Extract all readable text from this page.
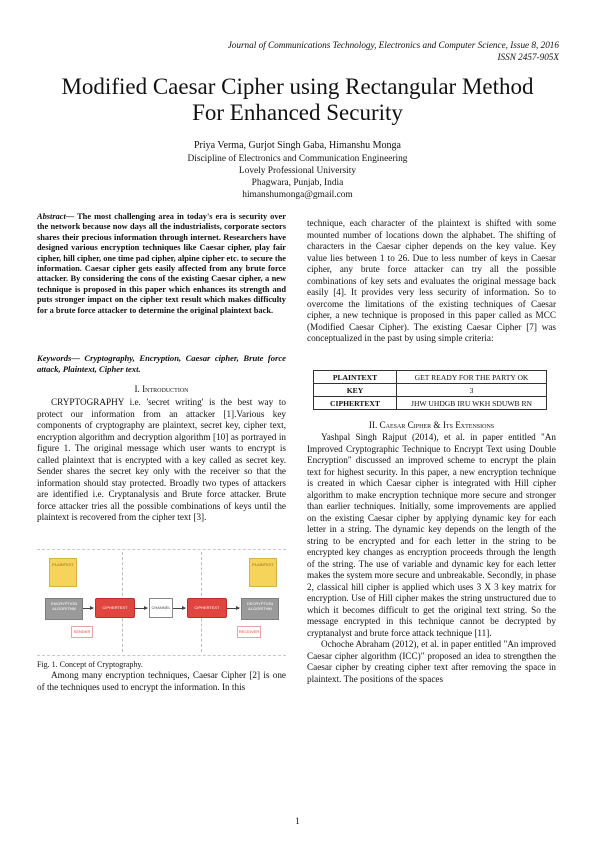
Journal of Communications Technology, Electronics and Computer Science, Issue 8, 2016
ISSN 2457-905X
Modified Caesar Cipher using Rectangular Method
For Enhanced Security
Priya Verma, Gurjot Singh Gaba, Himanshu Monga
Discipline of Electronics and Communication Engineering
Lovely Professional University
Phagwara, Punjab, India
himanshumonga@gmail.com
Abstract— The most challenging area in today's era is security over the network because now days all the industrialists, corporate sectors shares their precious information through internet. Researchers have designed various encryption techniques like Caesar cipher, play fair cipher, hill cipher, one time pad cipher, alpine cipher etc. to secure the information. Caesar cipher gets easily affected from any brute force attacker. By considering the cons of the existing Caesar cipher, a new technique is proposed in this paper which enhances its strength and puts stronger impact on the cipher text result which makes difficulty for a brute force attacker to determine the original plaintext back.
Keywords— Cryptography, Encryption, Caesar cipher, Brute force attack, Plaintext, Cipher text.
I. Introduction

CRYPTOGRAPHY i.e. 'secret writing' is the best way to protect our information from an attacker [1].Various key components of cryptography are plaintext, secret key, cipher text, encryption algorithm and decryption algorithm [10] as portrayed in figure 1. The original message which user wants to encrypt is called plaintext that is encrypted with a key called as secret key. Sender shares the secret key only with the receiver so that the information should stay protected. Broadly two types of attackers are identified i.e. Cryptanalysis and Brute force attacker. Brute force attacker tries all the possible combinations of keys until the plaintext is recovered from the cipher text [3].

PLAINTEXT	PLAINTEXT
ENCRYPTION ALGORITHM	CIPHERTEXT	CHANNEL	CIPHERTEXT
DECRYPTION ALGORITHM
SENDER	RECEIVER
Fig. 1. Concept of Cryptography.

Among many encryption techniques, Caesar Cipher [2] is one of the techniques used to encrypt the information. In this

technique, each character of the plaintext is shifted with some mounted number of locations down the alphabet. The shifting of characters in the Caesar cipher depends on the key value. Key value lies between 1 to 26. Due to less number of keys in Caesar cipher, any brute force attacker can try all the possible combinations of key sets and evaluates the original message back easily [4]. It provides very less security of information. So to overcome the limitations of the existing techniques of Caesar cipher, a new technique is proposed in this paper called as MCC (Modified Caesar Cipher). The existing Caesar Cipher [7] was conceptualized in the past by using simple criteria:

PLAINTEXT	GET READY FOR THE PARTY OK
KEY	3
CIPHERTEXT	JHW UHDGB IRU WKH SDUWB RN
II. Caesar Cipher & Its Extensions

Yashpal Singh Rajput (2014), et al. in paper entitled "An Improved Cryptographic Technique to Encrypt Text using Double Encryption" discussed an improved scheme to encrypt the plain text for highest security. In this paper, a new encryption technique is created in which Caesar cipher is integrated with Hill cipher algorithm to make encryption technique more secure and stronger than earlier techniques. Initially, some improvements are applied on the existing Caesar cipher by applying dynamic key for each letter in a string. The dynamic key depends on the length of the string to be encrypted and for each letter in the string to be encrypted key changes as encryption proceeds through the length of the string. The use of variable and dynamic key for each letter makes the system more secure and unbreakable. Secondly, in phase 2, classical hill cipher is applied which uses 3 X 3 key matrix for encryption. Use of Hill cipher makes the string unstructured due to which it becomes difficult to get the original text string. So the message encrypted in this technique cannot be decrypted by cryptanalyst and brute force attack technique [11].

Ochoche Abraham (2012), et al. in paper entitled "An improved Caesar cipher algorithm (ICC)" proposed an idea to strengthen the Caesar cipher by creating cipher text after removing the space in plaintext. The positions of the spaces

1
